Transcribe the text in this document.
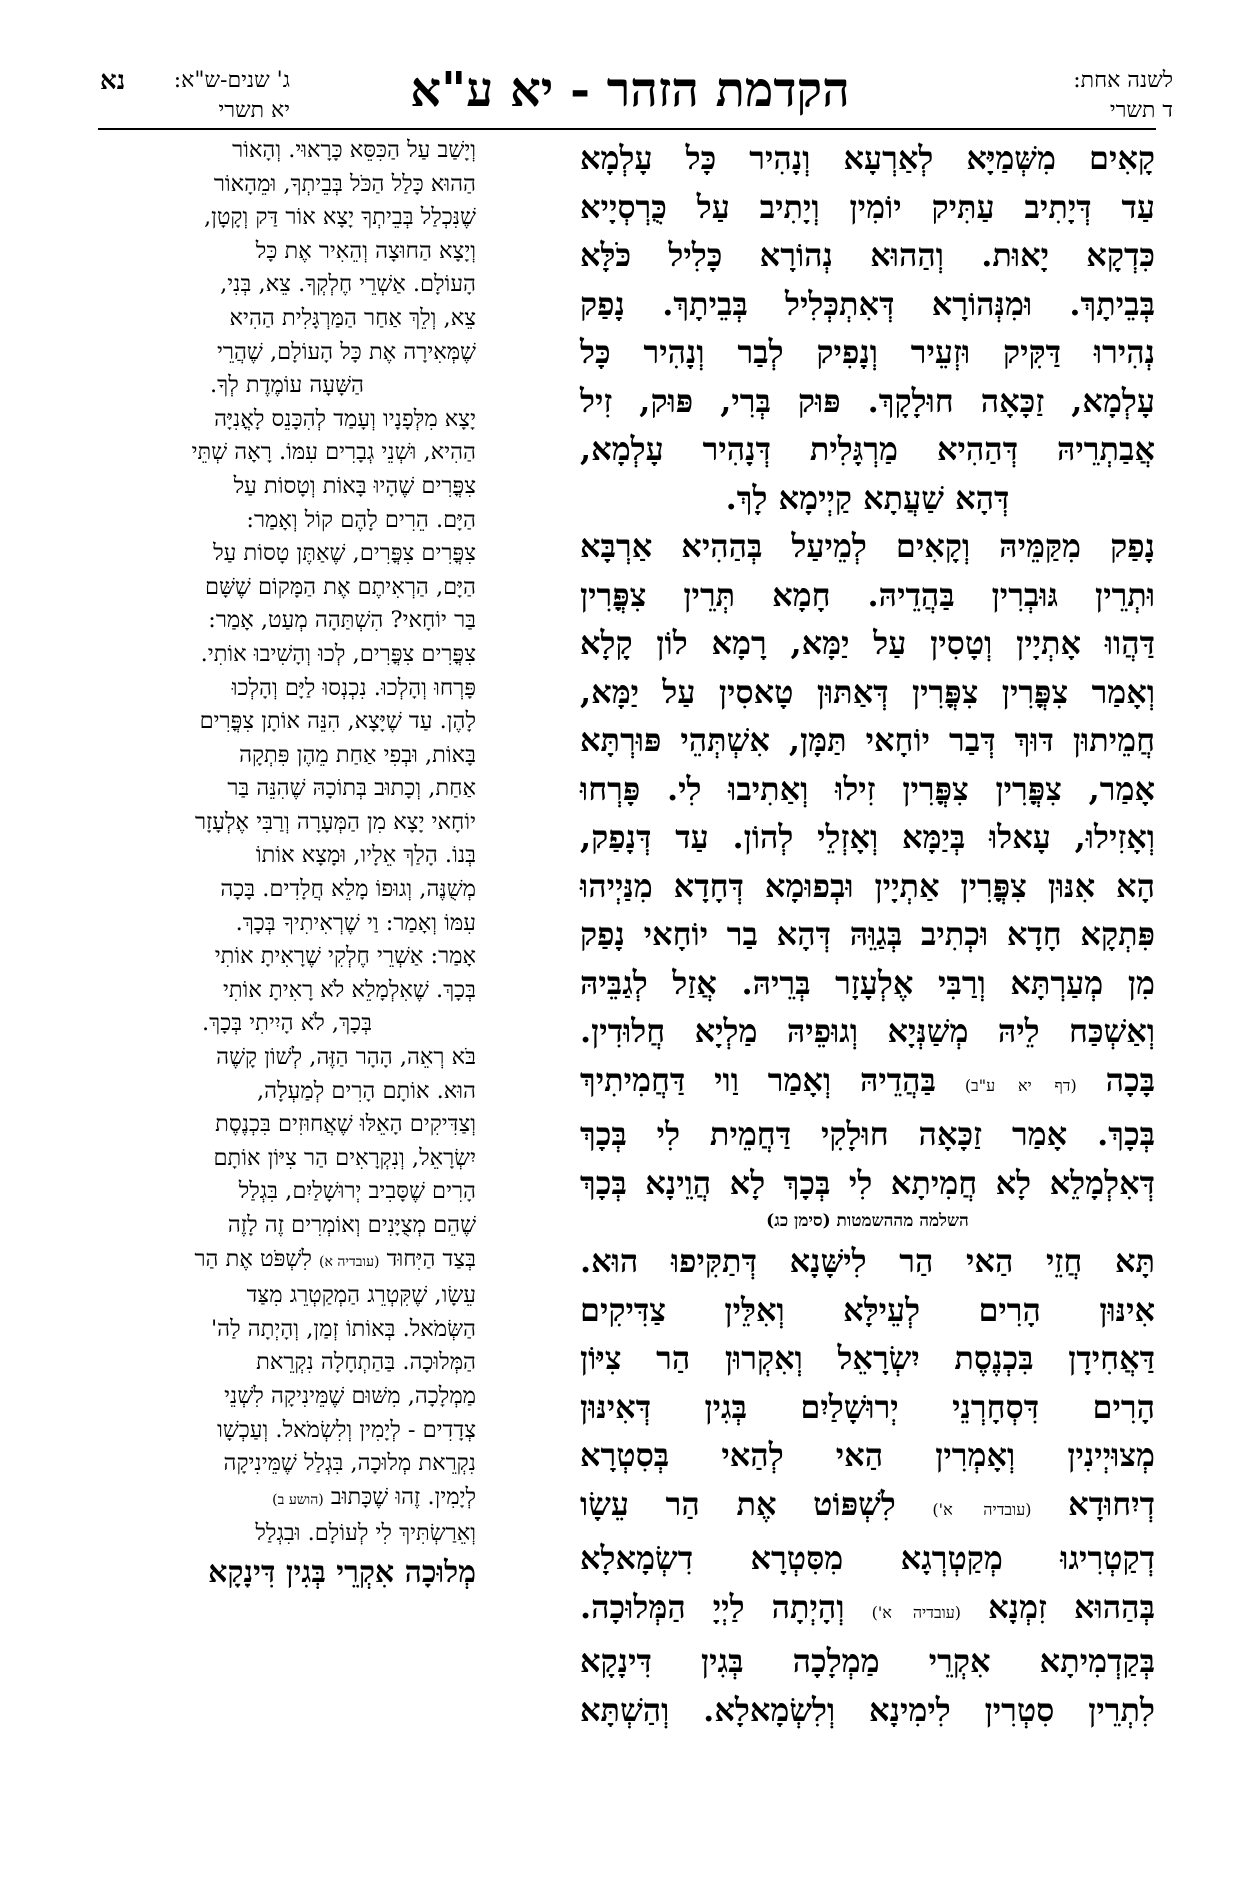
לשנה אחת:
ד תשרי
הקדמת הזהר - יא ע"א
ג' שנים-ש"א:
יא תשרי
נא

קָאִים מִשְּׁמַיָּא לְאַרְעָא וְנָהִיר כָּל עָלְמָא

עַד דְּיָתִיב עַתִּיק יוֹמִין וְיָתִיב עַל כֻּרְסְיָיא

כִּדְקָא יָאוּת. וְהַהוּא נְהוֹרָא כָּלִיל כֹּלָּא

בְּבֵיתָךְ. וּמִנְּהוֹרָא דְּאִתְכְּלִיל בְּבֵיתָךְ. נָפַק

נְהִירוּ דַּקִּיק וּזְעֵיר וְנָפִיק לְבַר וְנָהִיר כָּל

עָלְמָא, זַכָּאָה חוּלָקָךְ. פּוּק בְּרִי, פּוּק, זִיל

אֲבַתְרֵיהּ דְּהַהִיא מַרְגָּלִית דְּנָהִיר עָלְמָא,

דְּהָא שַׁעֲתָא קַיְימָא לָךְ.

נָפַק מִקַּמֵּיהּ וְקָאִים לְמֵיעַל בְּהַהִיא אַרְבָּא

וּתְרֵין גּוּבְרִין בַּהֲדֵיהּ. חָמָא תְּרֵין צִפֳּרִין

דַּהֲווּ אָתְיָין וְטָסִין עַל יַמָּא, רָמָא לוֹן קָלָא

וְאָמַר צִפֳּרִין צִפֳּרִין דְּאַתּוּן טָאסִין עַל יַמָּא,

חֲמֵיתוּן דּוּךְ דְּבַר יוֹחָאי תַּמָּן, אִשְׁתְּהֵי פּוּרְתָּא

אָמַר, צִפֳּרִין צִפֳּרִין זִילוּ וְאַתִיבוּ לִי. פָּרְחוּ

וְאָזִילוּ, עָאלוּ בְּיַמָּא וְאָזְלֵי לְהוֹן. עַד דְּנָפַק,

הָא אִנּוּן צִפֳּרִין אַתְיָין וּבְפוּמָא דְּחָדָא מִנַּיְיהוּ

פִּתְקָא חָדָא וּכְתִיב בְּגַוֵּהּ דְּהָא בַר יוֹחָאי נָפַק

מִן מְעַרְתָּא וְרַבִּי אֶלְעָזָר בְּרֵיהּ. אֲזַל לְגַבֵּיהּ

וְאַשְׁכַּח לֵיהּ מְשַׁנְּיָא וְגוּפֵיהּ מַלְיָא חֲלוּדִין.

בָּכָה (דף יא ע"ב) בַּהֲדֵיהּ וְאָמַר וַוי דַּחֲמִיתִיךְ

בְּכָךְ. אָמַר זַכָּאָה חוּלָקִי דַּחֲמֵית לִי בְּכָךְ

דְּאִלְמָלֵא לָא חֲמִיתָא לִי בְּכָךְ לָא הֲוֵינָא בְּכָךְ

השלמה מההשמטות (סימן כג)

תָּא חֲזֵי הַאי הַר לִישָּׁנָא דְּתַקִּיפוּ הוּא.

אִינּוּן הָרִים לְעֵילָּא וְאִלֵּין צַדִּיקִים

דַּאֲחִידָן בִּכְנֶסֶת יִשְׂרָאֵל וְאִקְרוּן הַר צִיּוֹן

הָרִים דִּסְחָרְנֵי יְרוּשָׁלַיִם בְּגִין דְּאִינּוּן

מְצוּיְינִין וְאָמְרִין הַאי לְהַאי בְּסִטְרָא

דְיִחוּדָא (עובדיה א') לִשְׁפּוֹט אֶת הַר עֵשָׂו

דְקַטְרִיגוּ מְקַטְרְגָא מִסִּטְרָא דִשְׂמָאלָא

בְּהַהוּא זִמְנָא (עובדיה א') וְהָיְתָה לַיְיָ הַמְּלוּכָה.

בְּקַדְמִיתָא אִקְרֵי מַמְלָכָה בְּגִין דִּינָקָא

לִתְרֵין סִטְרִין לִימִינָא וְלִשְׂמָאלָא. וְהַשְׁתָּא

וְיָשַׁב עַל הַכִּסֵּא כָּרָאוּי. וְהָאוֹר

הַהוּא כָּלַל הַכֹּל בְּבֵיתְךָ, וּמֵהָאוֹר

שֶׁנִּכְלַל בְּבֵיתְךָ יָצָא אוֹר דַּק וְקָטָן,

וְיָצָא הַחוּצָה וְהֵאִיר אֶת כָּל

הָעוֹלָם. אַשְׁרֵי חֶלְקְךָ. צֵא, בְּנִי,

צֵא, וְלֵךְ אַחַר הַמַּרְגָּלִית הַהִיא

שֶׁמְּאִירָה אֶת כָּל הָעוֹלָם, שֶׁהֲרֵי

הַשָּׁעָה עוֹמֶדֶת לְךָ.

יָצָא מִלְּפָנָיו וְעָמַד לְהִכָּנֵס לָאֳנִיָּה

הַהִיא, וּשְׁנֵי גְבָרִים עִמּוֹ. רָאָה שְׁתֵּי

צִפֳּרִים שֶׁהָיוּ בָּאוֹת וְטָסוֹת עַל

הַיָּם. הֵרִים לָהֶם קוֹל וְאָמַר:

צִפֳּרִים צִפֳּרִים, שֶׁאַתֶּן טָסוֹת עַל

הַיָּם, הַרְאִיתֶם אֶת הַמָּקוֹם שֶׁשָּׁם

בַּר יוֹחָאי? הִשְׁתַּהָה מְעַט, אָמַר:

צִפֳּרִים צִפֳּרִים, לְכוּ וְהָשִׁיבוּ אוֹתִי.

פָּרְחוּ וְהָלְכוּ. נִכְנְסוּ לַיָּם וְהָלְכוּ

לָהֶן. עַד שֶׁיָּצָא, הִנֵּה אוֹתָן צִפֳּרִים

בָּאוֹת, וּבְפִי אַחַת מֵהֶן פִּתְקָה

אַחַת, וְכָתוּב בְּתוֹכָהּ שֶׁהִנֵּה בַּר

יוֹחָאי יָצָא מִן הַמְּעָרָה וְרַבִּי אֶלְעָזָר

בְּנוֹ. הָלַךְ אֵלָיו, וּמָצָא אוֹתוֹ

מְשֻׁנֶּה, וְגוּפוֹ מָלֵא חֲלָדִים. בָּכָה

עִמּוֹ וְאָמַר: וַי שֶׁרְאִיתִיךָ בְּכָךְ.

אָמַר: אַשְׁרֵי חֶלְקִי שֶׁרָאִיתָ אוֹתִי

בְּכָךְ. שֶׁאִלְמָלֵא לֹא רָאִיתָ אוֹתִי

בְּכָךְ, לֹא הָיִיתִי בְּכָךְ.

בֹּא רְאֵה, הָהָר הַזֶּה, לְשׁוֹן קָשֶׁה

הוּא. אוֹתָם הָרִים לְמַעְלָה,

וְצַדִּיקִים הָאֵלּוּ שֶׁאֲחוּזִים בִּכְנֶסֶת

יִשְׂרָאֵל, וְנִקְרָאִים הַר צִיּוֹן אוֹתָם

הָרִים שֶׁסָּבִיב יְרוּשָׁלַיִם, בִּגְלַל

שֶׁהֵם מְצֻיָּנִים וְאוֹמְרִים זֶה לָזֶה

בְּצַד הַיִּחוּד (עובדיה א) לִשְׁפֹּט אֶת הַר

עֵשָׂו, שֶׁקִּטְרֵג הַמְקַטְרֵג מִצַּד

הַשְּׂמֹאל. בְּאוֹתוֹ זְמַן, וְהָיְתָה לַה'

הַמְּלוּכָה. בַּהַתְחָלָה נִקְרֵאת

מַמְלָכָה, מִשּׁוּם שֶׁמֵּינִיקָה לִשְׁנֵי

צְדָדִים - לְיָמִין וְלִשְׂמֹאל. וְעַכְשָׁו

נִקְרֵאת מְלוּכָה, בִּגְלַל שֶׁמֵּינִיקָה

לְיָמִין. זֶהוּ שֶׁכָּתוּב (הושע ב)

וְאֵרַשְׂתִּיךְ לִי לְעוֹלָם. וּבִגְלַל

מְלוּכָה אִקְרֵי בְּגִין דִּינָקָא
